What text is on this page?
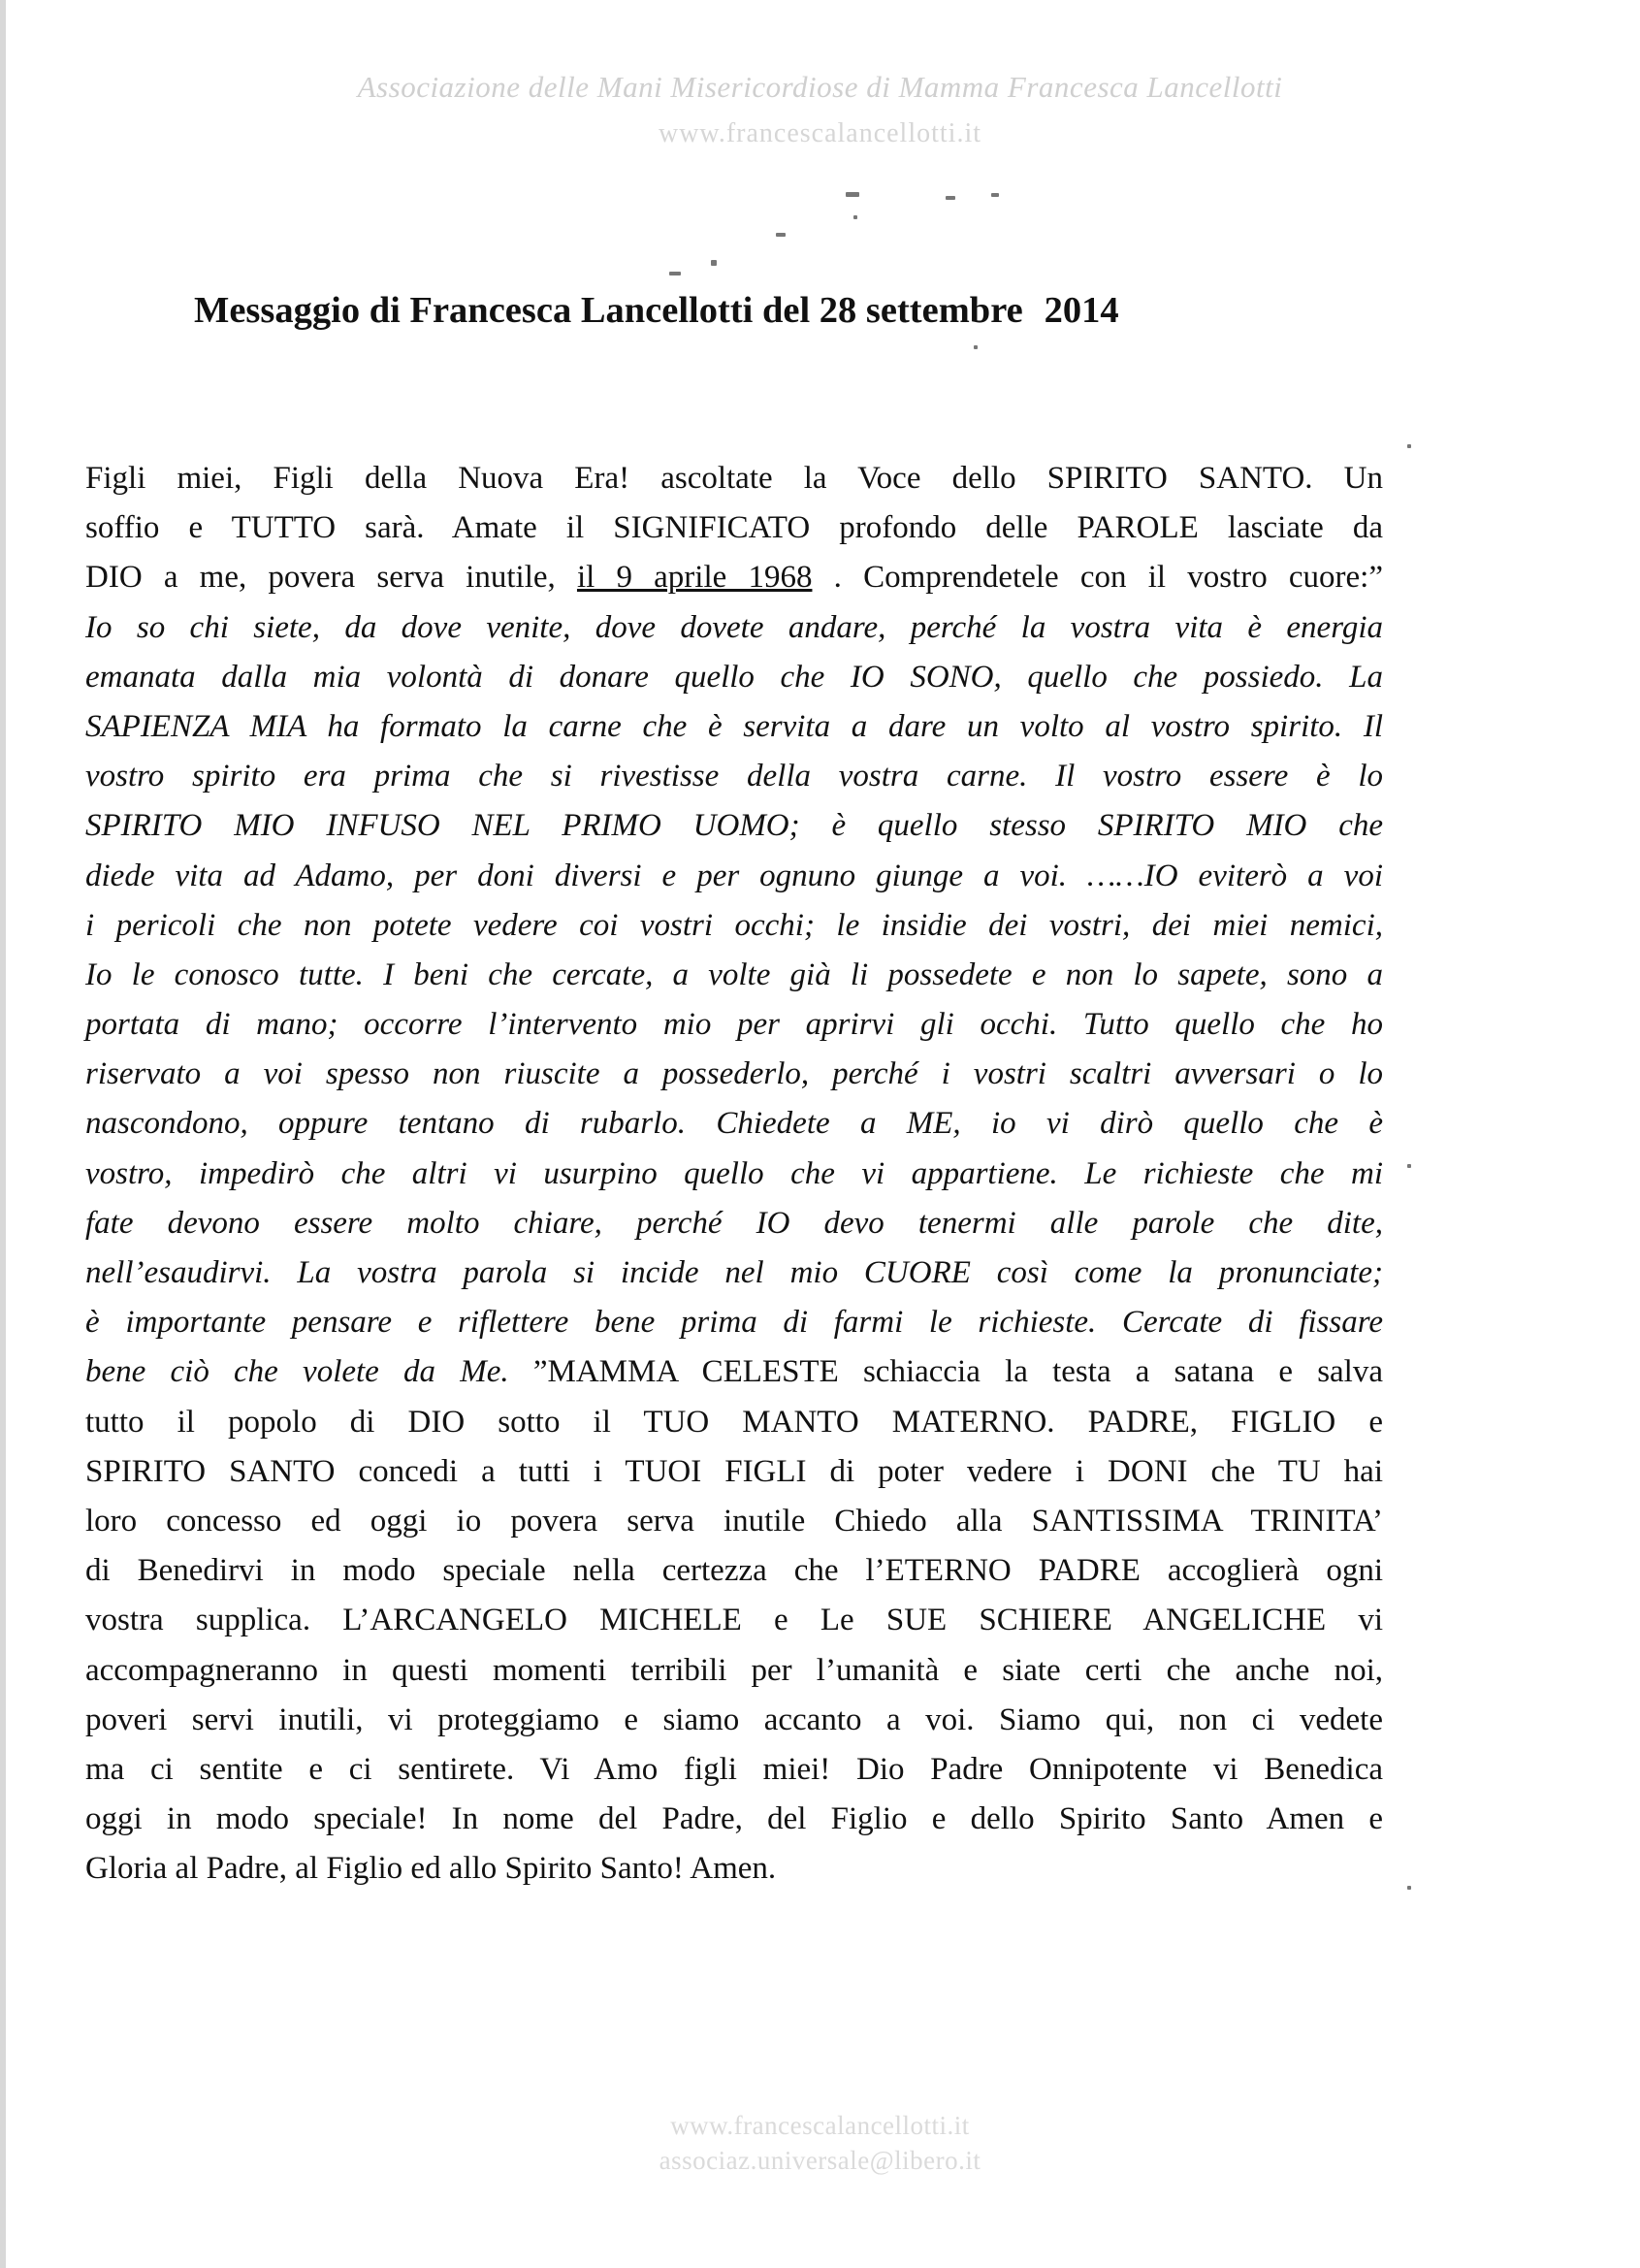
Associazione delle Mani Misericordiose di Mamma Francesca Lancellotti
www.francescalancellotti.it
Messaggio di Francesca Lancellotti del 28 settembre 2014
Figli miei, Figli della Nuova Era! ascoltate la Voce dello SPIRITO SANTO. Un
soffio e TUTTO sarà. Amate il SIGNIFICATO profondo delle PAROLE lasciate da
DIO a me, povera serva inutile, il 9 aprile 1968 . Comprendetele con il vostro cuore:”
Io so chi siete, da dove venite, dove dovete andare, perché la vostra vita è energia
emanata dalla mia volontà di donare quello che IO SONO, quello che possiedo. La
SAPIENZA MIA ha formato la carne che è servita a dare un volto al vostro spirito. Il
vostro spirito era prima che si rivestisse della vostra carne. Il vostro essere è lo
SPIRITO MIO INFUSO NEL PRIMO UOMO; è quello stesso SPIRITO MIO che
diede vita ad Adamo, per doni diversi e per ognuno giunge a voi. ……IO eviterò a voi
i pericoli che non potete vedere coi vostri occhi; le insidie dei vostri, dei miei nemici,
Io le conosco tutte. I beni che cercate, a volte già li possedete e non lo sapete, sono a
portata di mano; occorre l’intervento mio per aprirvi gli occhi. Tutto quello che ho
riservato a voi spesso non riuscite a possederlo, perché i vostri scaltri avversari o lo
nascondono, oppure tentano di rubarlo. Chiedete a ME, io vi dirò quello che è
vostro, impedirò che altri vi usurpino quello che vi appartiene. Le richieste che mi
fate devono essere molto chiare, perché IO devo tenermi alle parole che dite,
nell’esaudirvi. La vostra parola si incide nel mio CUORE così come la pronunciate;
è importante pensare e riflettere bene prima di farmi le richieste. Cercate di fissare
bene ciò che volete da Me. ”MAMMA CELESTE schiaccia la testa a satana e salva
tutto il popolo di DIO sotto il TUO MANTO MATERNO. PADRE, FIGLIO e
SPIRITO SANTO concedi a tutti i TUOI FIGLI di poter vedere i DONI che TU hai
loro concesso ed oggi io povera serva inutile Chiedo alla SANTISSIMA TRINITA’
di Benedirvi in modo speciale nella certezza che l’ETERNO PADRE accoglierà ogni
vostra supplica. L’ARCANGELO MICHELE e Le SUE SCHIERE ANGELICHE vi
accompagneranno in questi momenti terribili per l’umanità e siate certi che anche noi,
poveri servi inutili, vi proteggiamo e siamo accanto a voi. Siamo qui, non ci vedete
ma ci sentite e ci sentirete. Vi Amo figli miei! Dio Padre Onnipotente vi Benedica
oggi in modo speciale! In nome del Padre, del Figlio e dello Spirito Santo Amen e
Gloria al Padre, al Figlio ed allo Spirito Santo! Amen.
www.francescalancellotti.it
associaz.universale@libero.it
